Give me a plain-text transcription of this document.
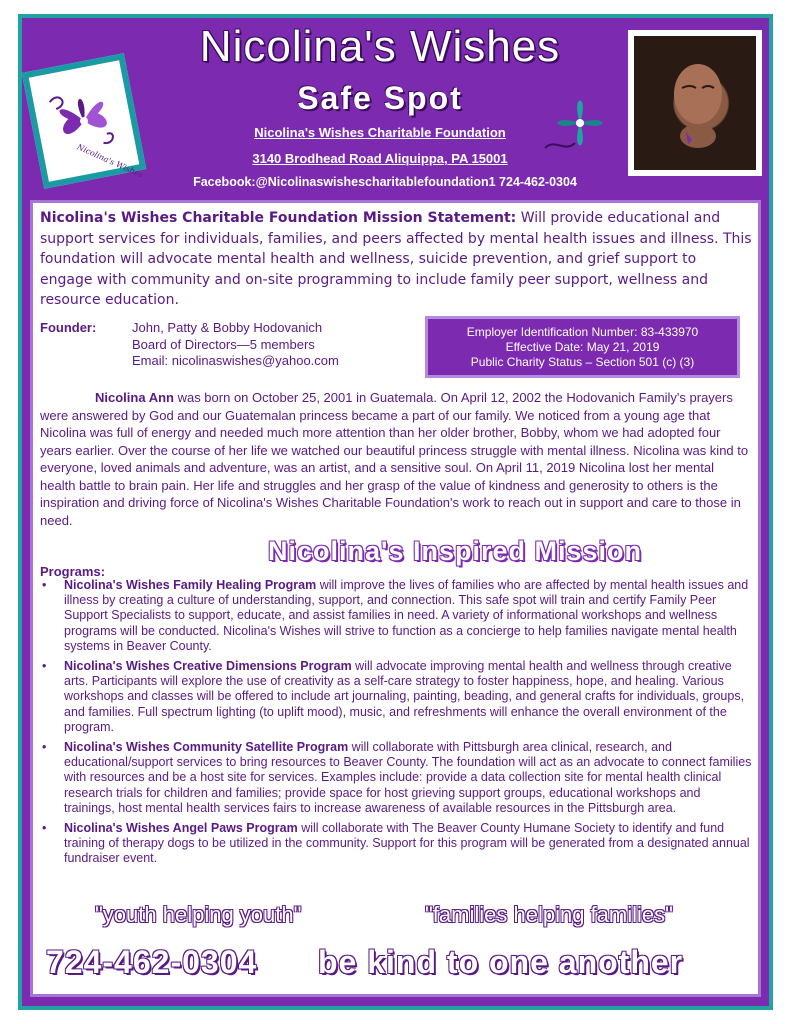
Nicolina's Wishes
Nicolina's Wishes
Safe Spot
Nicolina's Wishes Charitable Foundation
3140 Brodhead Road Aliquippa, PA 15001
Facebook:@Nicolinaswishescharitablefoundation1 724-462-0304
Nicolina's Wishes Charitable Foundation Mission Statement: Will provide educational and support services for individuals, families, and peers affected by mental health issues and illness. This foundation will advocate mental health and wellness, suicide prevention, and grief support to engage with community and on-site programming to include family peer support, wellness and resource education.
Founder:	John, Patty & Bobby Hodovanich
Board of Directors—5 members
Email: nicolinaswishes@yahoo.com
Employer Identification Number: 83-433970
Effective Date: May 21, 2019
Public Charity Status – Section 501 (c) (3)
Nicolina Ann was born on October 25, 2001 in Guatemala. On April 12, 2002 the Hodovanich Family's prayers were answered by God and our Guatemalan princess became a part of our family. We noticed from a young age that Nicolina was full of energy and needed much more attention than her older brother, Bobby, whom we had adopted four years earlier. Over the course of her life we watched our beautiful princess struggle with mental illness. Nicolina was kind to everyone, loved animals and adventure, was an artist, and a sensitive soul. On April 11, 2019 Nicolina lost her mental health battle to brain pain. Her life and struggles and her grasp of the value of kindness and generosity to others is the inspiration and driving force of Nicolina's Wishes Charitable Foundation's work to reach out in support and care to those in need.
Nicolina's Inspired Mission
Programs:
• Nicolina's Wishes Family Healing Program will improve the lives of families who are affected by mental health issues and illness by creating a culture of understanding, support, and connection. This safe spot will train and certify Family Peer Support Specialists to support, educate, and assist families in need. A variety of informational workshops and wellness programs will be conducted. Nicolina's Wishes will strive to function as a concierge to help families navigate mental health systems in Beaver County.
• Nicolina's Wishes Creative Dimensions Program will advocate improving mental health and wellness through creative arts. Participants will explore the use of creativity as a self-care strategy to foster happiness, hope, and healing. Various workshops and classes will be offered to include art journaling, painting, beading, and general crafts for individuals, groups, and families. Full spectrum lighting (to uplift mood), music, and refreshments will enhance the overall environment of the program.
• Nicolina's Wishes Community Satellite Program will collaborate with Pittsburgh area clinical, research, and educational/support services to bring resources to Beaver County. The foundation will act as an advocate to connect families with resources and be a host site for services. Examples include: provide a data collection site for mental health clinical research trials for children and families; provide space for host grieving support groups, educational workshops and trainings, host mental health services fairs to increase awareness of available resources in the Pittsburgh area.
• Nicolina's Wishes Angel Paws Program will collaborate with The Beaver County Humane Society to identify and fund training of therapy dogs to be utilized in the community. Support for this program will be generated from a designated annual fundraiser event.
"youth helping youth"	"families helping families"
724-462-0304 be kind to one another
